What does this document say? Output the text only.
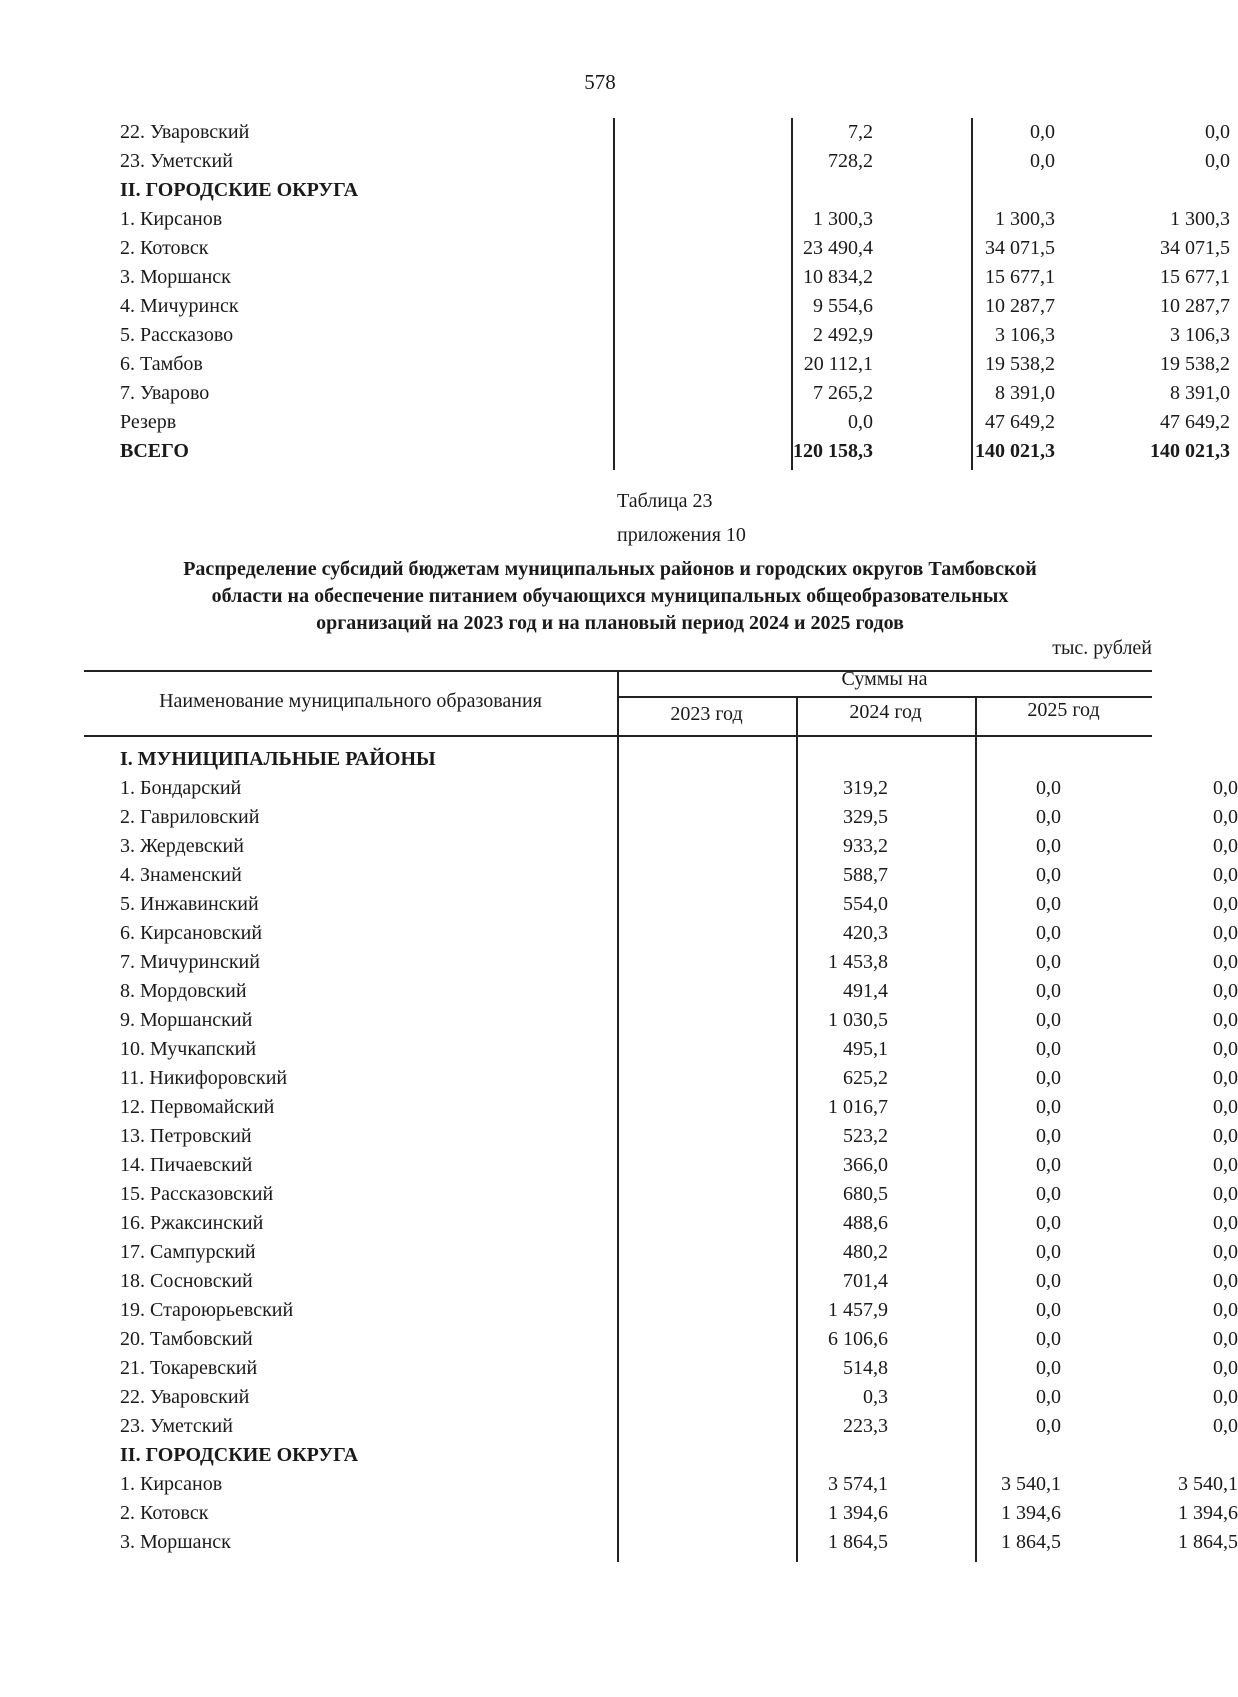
578
22. Уваровский	7,2	0,0	0,0
23. Уметский	728,2	0,0	0,0
II. ГОРОДСКИЕ ОКРУГА
1. Кирсанов	1 300,3	1 300,3	1 300,3
2. Котовск	23 490,4	34 071,5	34 071,5
3. Моршанск	10 834,2	15 677,1	15 677,1
4. Мичуринск	9 554,6	10 287,7	10 287,7
5. Рассказово	2 492,9	3 106,3	3 106,3
6. Тамбов	20 112,1	19 538,2	19 538,2
7. Уварово	7 265,2	8 391,0	8 391,0
Резерв	0,0	47 649,2	47 649,2
ВСЕГО	120 158,3	140 021,3	140 021,3
Таблица 23
приложения 10
Распределение субсидий бюджетам муниципальных районов и городских округов Тамбовской
области на обеспечение питанием обучающихся муниципальных общеобразовательных
организаций на 2023 год и на плановый период 2024 и 2025 годов
тыс. рублей
Наименование муниципального образования
Суммы на
2023 год	2024 год	2025 год
I. МУНИЦИПАЛЬНЫЕ РАЙОНЫ
1. Бондарский	319,2	0,0	0,0
2. Гавриловский	329,5	0,0	0,0
3. Жердевский	933,2	0,0	0,0
4. Знаменский	588,7	0,0	0,0
5. Инжавинский	554,0	0,0	0,0
6. Кирсановский	420,3	0,0	0,0
7. Мичуринский	1 453,8	0,0	0,0
8. Мордовский	491,4	0,0	0,0
9. Моршанский	1 030,5	0,0	0,0
10. Мучкапский	495,1	0,0	0,0
11. Никифоровский	625,2	0,0	0,0
12. Первомайский	1 016,7	0,0	0,0
13. Петровский	523,2	0,0	0,0
14. Пичаевский	366,0	0,0	0,0
15. Рассказовский	680,5	0,0	0,0
16. Ржаксинский	488,6	0,0	0,0
17. Сампурский	480,2	0,0	0,0
18. Сосновский	701,4	0,0	0,0
19. Староюрьевский	1 457,9	0,0	0,0
20. Тамбовский	6 106,6	0,0	0,0
21. Токаревский	514,8	0,0	0,0
22. Уваровский	0,3	0,0	0,0
23. Уметский	223,3	0,0	0,0
II. ГОРОДСКИЕ ОКРУГА
1. Кирсанов	3 574,1	3 540,1	3 540,1
2. Котовск	1 394,6	1 394,6	1 394,6
3. Моршанск	1 864,5	1 864,5	1 864,5
